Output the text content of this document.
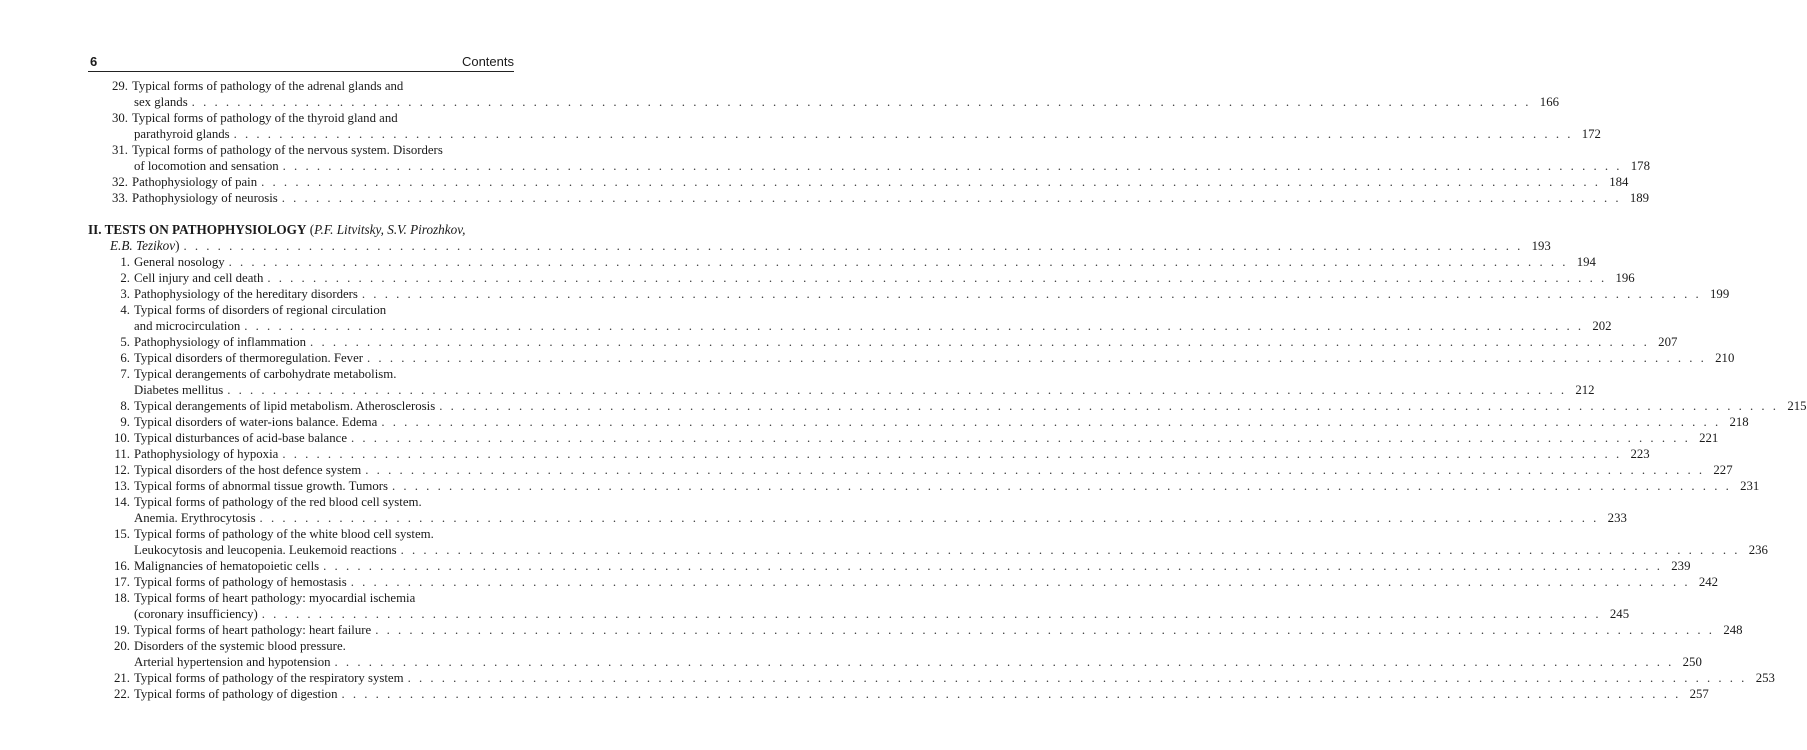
6	Contents
29. Typical forms of pathology of the adrenal glands and
sex glands . . .	166
30. Typical forms of pathology of the thyroid gland and
parathyroid glands . . .	172
31. Typical forms of pathology of the nervous system. Disorders
of locomotion and sensation . . .	178
32. Pathophysiology of pain . . .	184
33. Pathophysiology of neurosis . . .	189
II. TESTS ON PATHOPHYSIOLOGY (P.F. Litvitsky, S.V. Pirozhkov,
E.B. Tezikov) . . .	193
1. General nosology . . .	194
2. Cell injury and cell death . . .	196
3. Pathophysiology of the hereditary disorders . . .	199
4. Typical forms of disorders of regional circulation
and microcirculation . . .	202
5. Pathophysiology of inflammation . . .	207
6. Typical disorders of thermoregulation. Fever . . .	210
7. Typical derangements of carbohydrate metabolism.
Diabetes mellitus . . .	212
8. Typical derangements of lipid metabolism. Atherosclerosis . . .	215
9. Typical disorders of water-ions balance. Edema . . .	218
10. Typical disturbances of acid-base balance . . .	221
11. Pathophysiology of hypoxia . . .	223
12. Typical disorders of the host defence system . . .	227
13. Typical forms of abnormal tissue growth. Tumors . . .	231
14. Typical forms of pathology of the red blood cell system.
Anemia. Erythrocytosis . . .	233
15. Typical forms of pathology of the white blood cell system.
Leukocytosis and leucopenia. Leukemoid reactions . . .	236
16. Malignancies of hematopoietic cells . . .	239
17. Typical forms of pathology of hemostasis . . .	242
18. Typical forms of heart pathology: myocardial ischemia
(coronary insufficiency) . . .	245
19. Typical forms of heart pathology: heart failure . . .	248
20. Disorders of the systemic blood pressure.
Arterial hypertension and hypotension . . .	250
21. Typical forms of pathology of the respiratory system . . .	253
22. Typical forms of pathology of digestion . . .	257
